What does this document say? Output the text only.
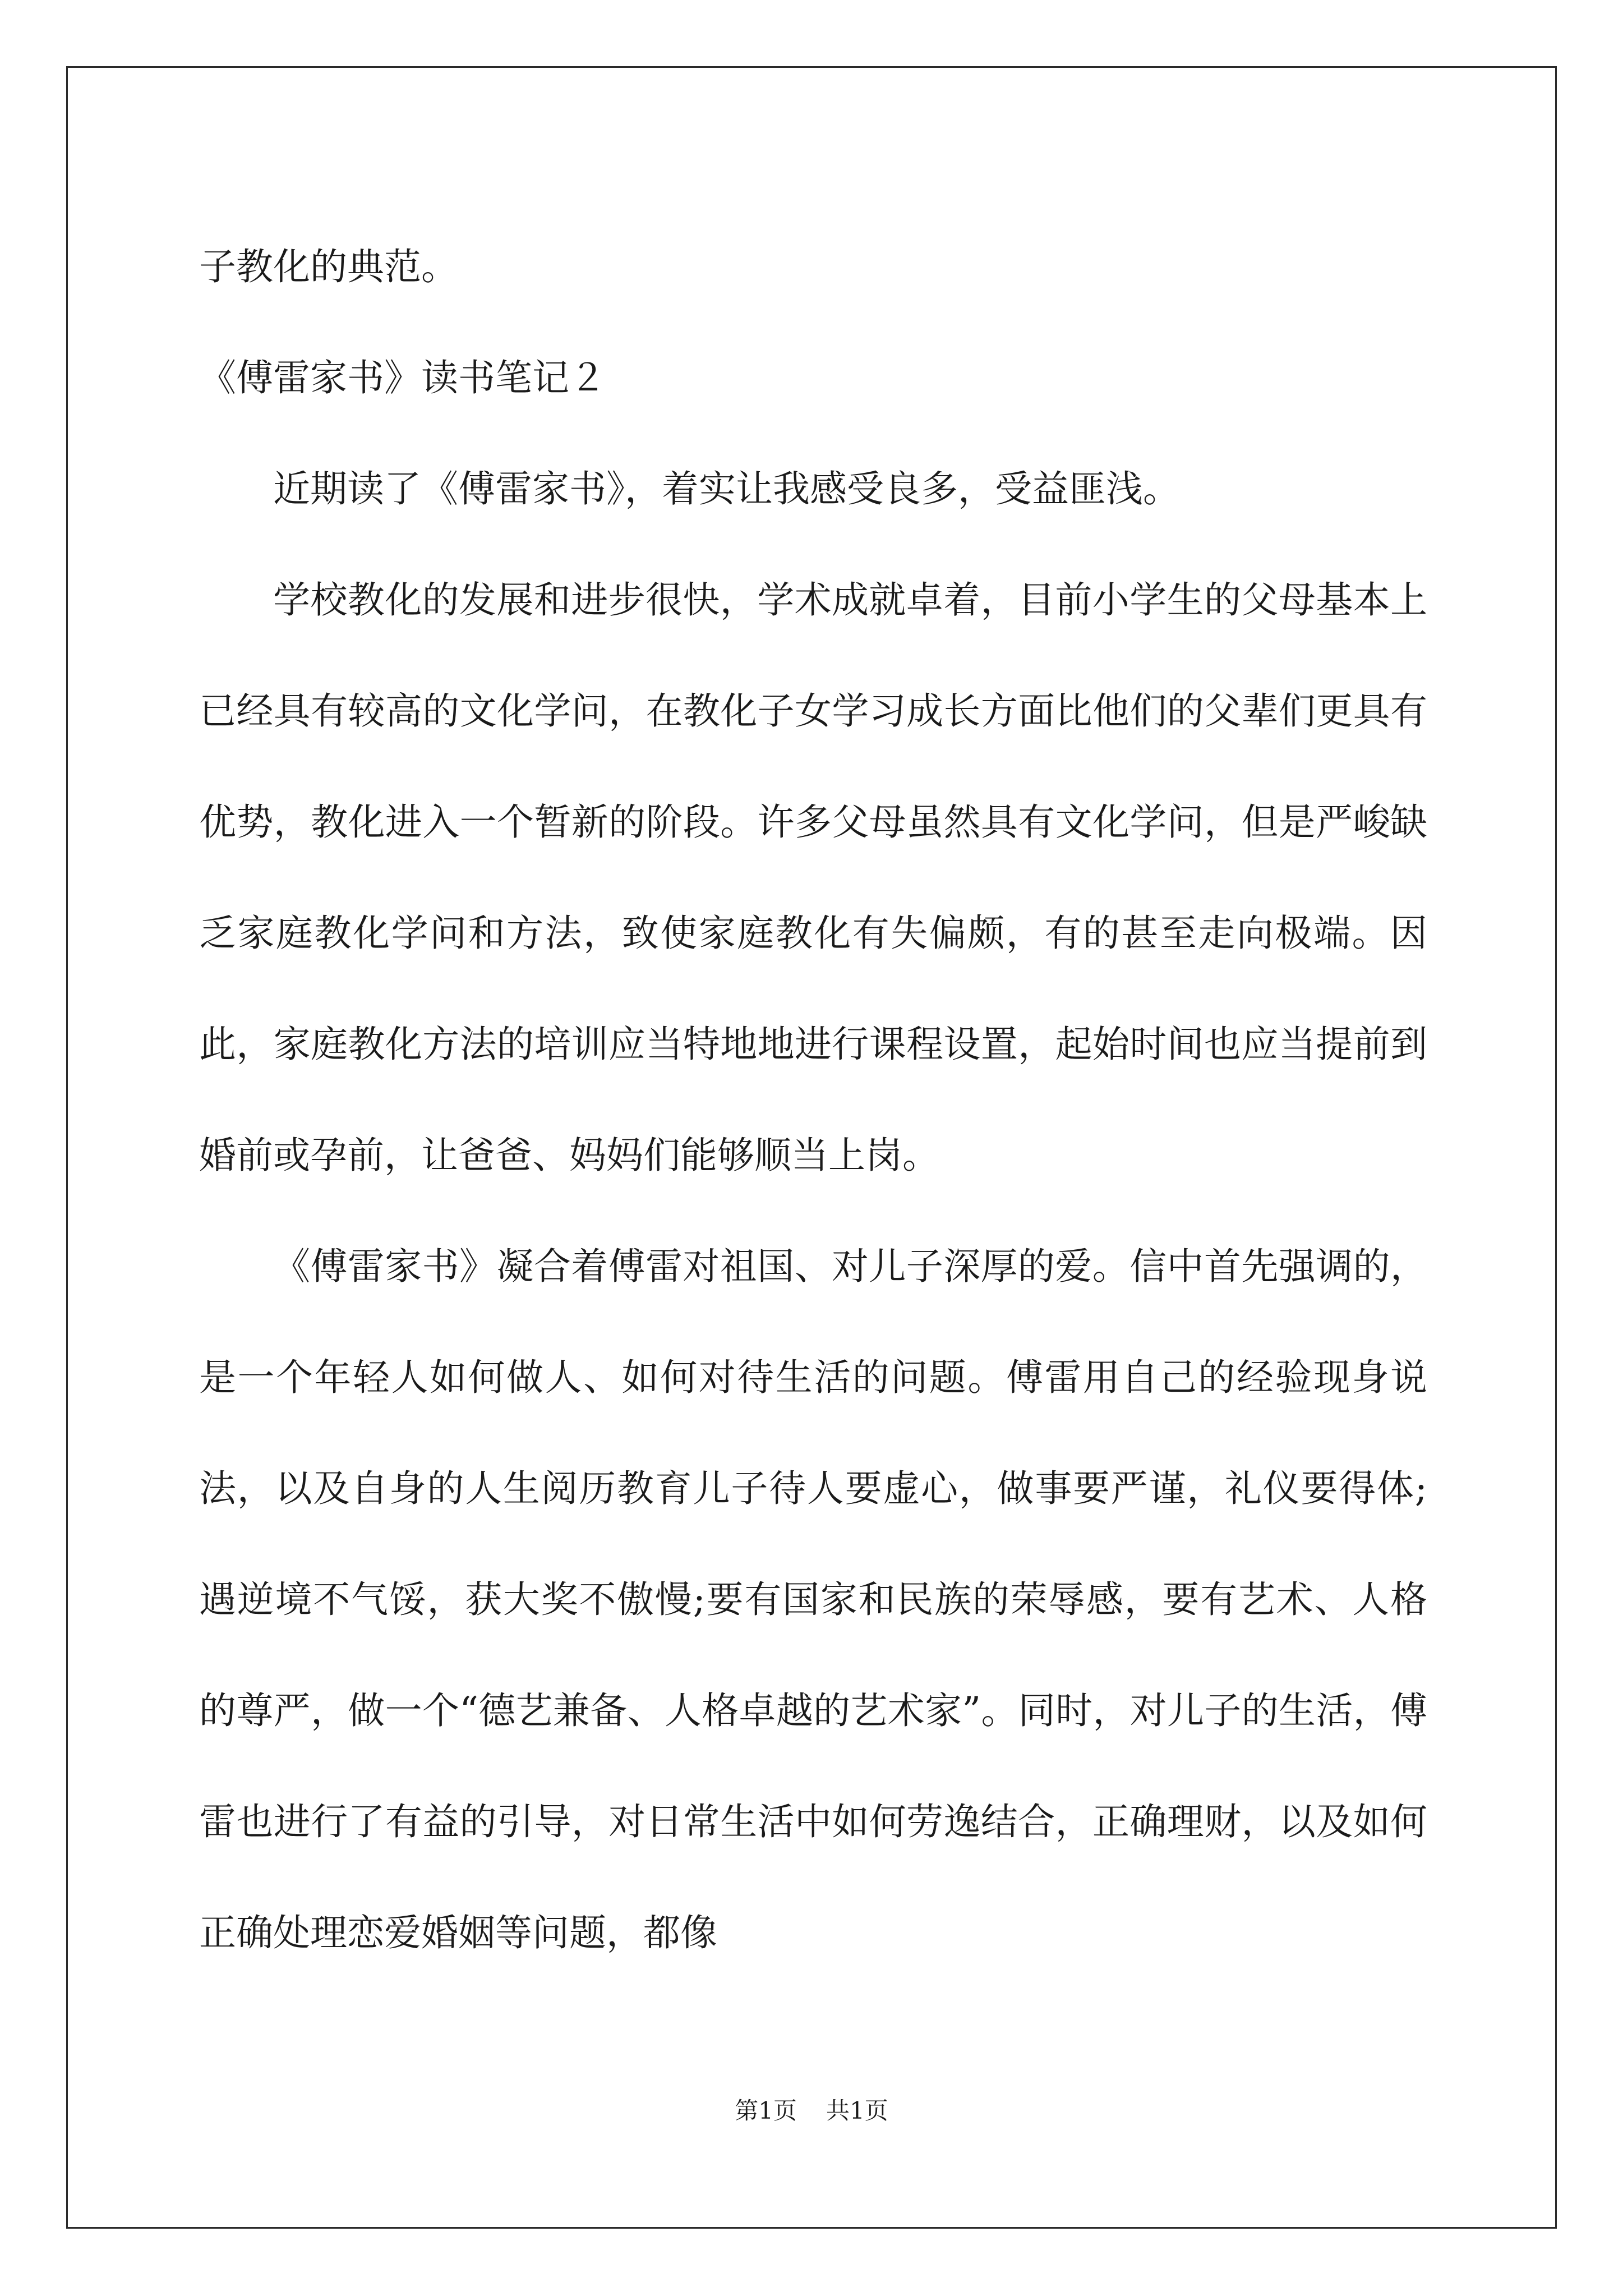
子教化的典范。

《傅雷家书》读书笔记２

近期读了《傅雷家书》，着实让我感受良多，受益匪浅。

学校教化的发展和进步很快，学术成就卓着，目前小学生的父母基本上已经具有较高的文化学问，在教化子女学习成长方面比他们的父辈们更具有优势，教化进入一个暂新的阶段。许多父母虽然具有文化学问，但是严峻缺乏家庭教化学问和方法，致使家庭教化有失偏颇，有的甚至走向极端。因此，家庭教化方法的培训应当特地地进行课程设置，起始时间也应当提前到婚前或孕前，让爸爸、妈妈们能够顺当上岗。

《傅雷家书》凝合着傅雷对祖国、对儿子深厚的爱。信中首先强调的，是一个年轻人如何做人、如何对待生活的问题。傅雷用自己的经验现身说法，以及自身的人生阅历教育儿子待人要虚心，做事要严谨，礼仪要得体;遇逆境不气馁，获大奖不傲慢;要有国家和民族的荣辱感，要有艺术、人格的尊严，做一个“德艺兼备、人格卓越的艺术家”。同时，对儿子的生活，傅雷也进行了有益的引导，对日常生活中如何劳逸结合，正确理财，以及如何正确处理恋爱婚姻等问题，都像

第1页 共1页
